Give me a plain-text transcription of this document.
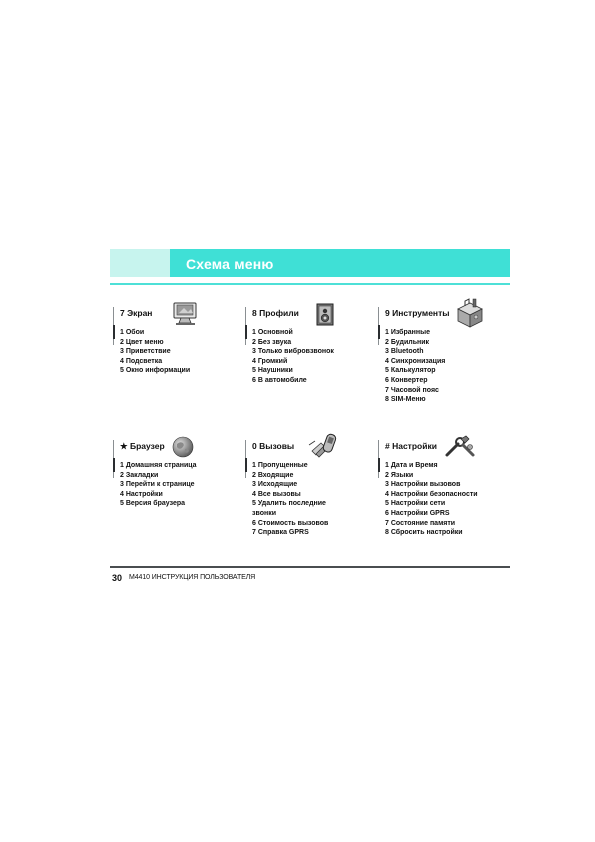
Схема меню
7 Экран
1 Обои
2 Цвет меню
3 Приветствие
4 Подсветка
5 Окно информации
8 Профили
1 Основной
2 Без звука
3 Только вибровзвонок
4 Громкий
5 Наушники
6 В автомобиле
9 Инструменты
1 Избранные
2 Будильник
3 Bluetooth
4 Синхронизация
5 Калькулятор
6 Конвертер
7 Часовой пояс
8 SIM-Меню
★ Браузер
1 Домашняя страница
2 Закладки
3 Перейти к странице
4 Настройки
5 Версия браузера
0 Вызовы
1 Пропущенные
2 Входящие
3 Исходящие
4 Все вызовы
5 Удалить последние звонки
6 Стоимость вызовов
7 Справка GPRS
# Настройки
1 Дата и Время
2 Языки
3 Настройки вызовов
4 Настройки безопасности
5 Настройки сети
6 Настройки GPRS
7 Состояние памяти
8 Сбросить настройки
30 M4410 ИНСТРУКЦИЯ ПОЛЬЗОВАТЕЛЯ
